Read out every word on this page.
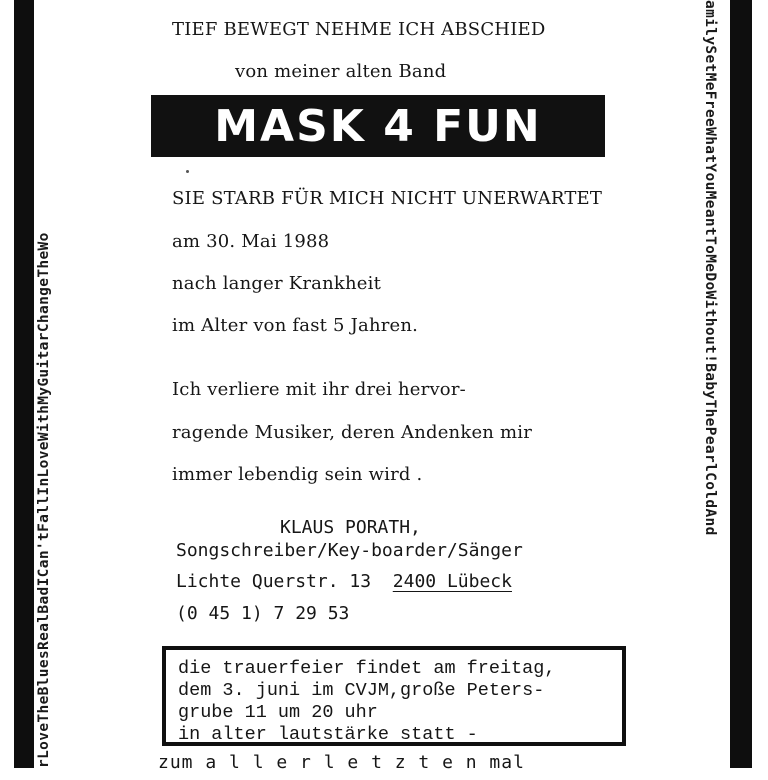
rLoveTheBluesRealBadICan'tFallInLoveWithMyGuitarChangeTheWo	amilySetMeFreeWhatYouMeantToMeDoWithout!BabyThePearlColdAnd
TIEF BEWEGT NEHME ICH ABSCHIED
von meiner alten Band
MASK 4 FUN
SIE STARB FÜR MICH NICHT UNERWARTET
am 30. Mai 1988
nach langer Krankheit
im Alter von fast 5 Jahren.
Ich verliere mit ihr drei hervor-
ragende Musiker, deren Andenken mir
immer lebendig sein wird .
KLAUS PORATH,
Songschreiber/Key-boarder/Sänger
Lichte Querstr. 13 2400 Lübeck
(0 45 1) 7 29 53
die trauerfeier findet am freitag,
dem 3. juni im CVJM,große Peters-
grube 11 um 20 uhr
in alter lautstärke statt -
zum a l l e r l e t z t e n mal
